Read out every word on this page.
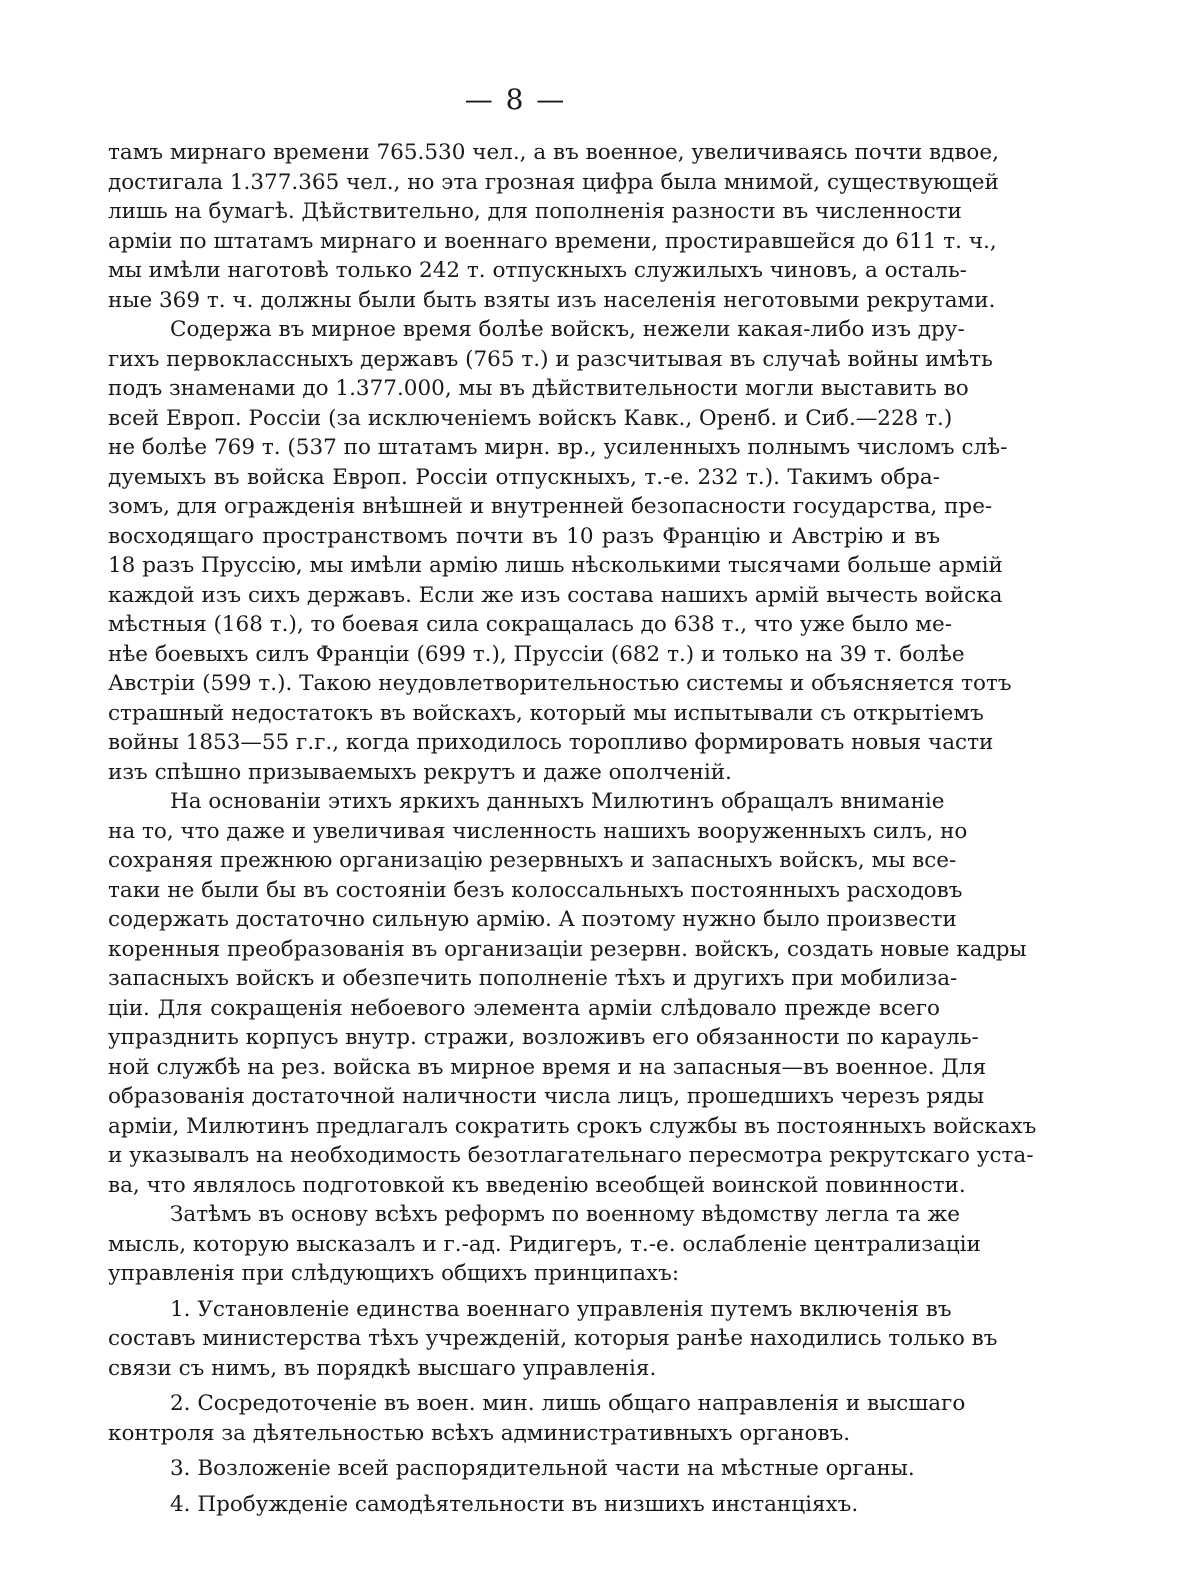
— 8 —
тамъ мирнаго времени 765.530 чел., а въ военное, увеличиваясь почти вдвое,
достигала 1.377.365 чел., но эта грозная цифра была мнимой, существующей
лишь на бумагѣ. Дѣйствительно, для пополненія разности въ численности
арміи по штатамъ мирнаго и военнаго времени, простиравшейся до 611 т. ч.,
мы имѣли наготовѣ только 242 т. отпускныхъ служилыхъ чиновъ, а осталь-
ные 369 т. ч. должны были быть взяты изъ населенія неготовыми рекрутами.
Содержа въ мирное время болѣе войскъ, нежели какая-либо изъ дру-
гихъ первоклассныхъ державъ (765 т.) и разсчитывая въ случаѣ войны имѣть
подъ знаменами до 1.377.000, мы въ дѣйствительности могли выставить во
всей Европ. Россіи (за исключеніемъ войскъ Кавк., Оренб. и Сиб.—228 т.)
не болѣе 769 т. (537 по штатамъ мирн. вр., усиленныхъ полнымъ числомъ слѣ-
дуемыхъ въ войска Европ. Россіи отпускныхъ, т.-е. 232 т.). Такимъ обра-
зомъ, для огражденія внѣшней и внутренней безопасности государства, пре-
восходящаго пространствомъ почти въ 10 разъ Францію и Австрію и въ
18 разъ Пруссію, мы имѣли армію лишь нѣсколькими тысячами больше армій
каждой изъ сихъ державъ. Если же изъ состава нашихъ армій вычесть войска
мѣстныя (168 т.), то боевая сила сокращалась до 638 т., что уже было ме-
нѣе боевыхъ силъ Франціи (699 т.), Пруссіи (682 т.) и только на 39 т. болѣе
Австріи (599 т.). Такою неудовлетворительностью системы и объясняется тотъ
страшный недостатокъ въ войскахъ, который мы испытывали съ открытіемъ
войны 1853—55 г.г., когда приходилось торопливо формировать новыя части
изъ спѣшно призываемыхъ рекрутъ и даже ополченій.
На основаніи этихъ яркихъ данныхъ Милютинъ обращалъ вниманіе
на то, что даже и увеличивая численность нашихъ вооруженныхъ силъ, но
сохраняя прежнюю организацію резервныхъ и запасныхъ войскъ, мы все-
таки не были бы въ состояніи безъ колоссальныхъ постоянныхъ расходовъ
содержать достаточно сильную армію. А поэтому нужно было произвести
коренныя преобразованія въ организаціи резервн. войскъ, создать новые кадры
запасныхъ войскъ и обезпечить пополненіе тѣхъ и другихъ при мобилиза-
ціи. Для сокращенія небоевого элемента арміи слѣдовало прежде всего
упразднить корпусъ внутр. стражи, возложивъ его обязанности по карауль-
ной службѣ на рез. войска въ мирное время и на запасныя—въ военное. Для
образованія достаточной наличности числа лицъ, прошедшихъ черезъ ряды
арміи, Милютинъ предлагалъ сократить срокъ службы въ постоянныхъ войскахъ
и указывалъ на необходимость безотлагательнаго пересмотра рекрутскаго уста-
ва, что являлось подготовкой къ введенію всеобщей воинской повинности.
Затѣмъ въ основу всѣхъ реформъ по военному вѣдомству легла та же
мысль, которую высказалъ и г.-ад. Ридигеръ, т.-е. ослабленіе централизаціи
управленія при слѣдующихъ общихъ принципахъ:
1. Установленіе единства военнаго управленія путемъ включенія въ
составъ министерства тѣхъ учрежденій, которыя ранѣе находились только въ
связи съ нимъ, въ порядкѣ высшаго управленія.
2. Сосредоточеніе въ воен. мин. лишь общаго направленія и высшаго
контроля за дѣятельностью всѣхъ административныхъ органовъ.
3. Возложеніе всей распорядительной части на мѣстные органы.
4. Пробужденіе самодѣятельности въ низшихъ инстанціяхъ.
